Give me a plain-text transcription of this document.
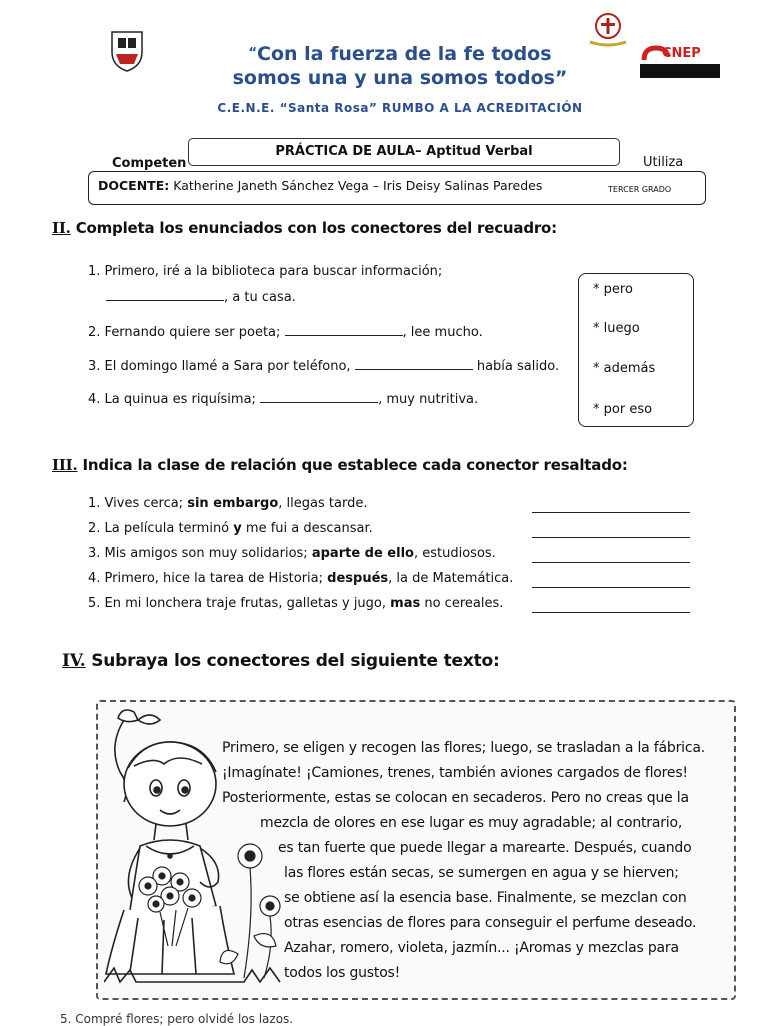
CNEP
“Con la fuerza de la fe todos
somos una y una somos todos”
C.E.N.E. “Santa Rosa” RUMBO A LA ACREDITACIÓN
Competen	Utiliza
PRÁCTICA DE AULA– Aptitud Verbal
DOCENTE: Katherine Janeth Sánchez Vega – Iris Deisy Salinas Paredes	TERCER GRADO
II. Completa los enunciados con los conectores del recuadro:
1. Primero, iré a la biblioteca para buscar información;
, a tu casa.
2. Fernando quiere ser poeta;	, lee mucho.
3. El domingo llamé a Sara por teléfono,	había salido.
4. La quinua es riquísima;	, muy nutritiva.
* pero
* luego
* además
* por eso
III. Indica la clase de relación que establece cada conector resaltado:
1. Vives cerca; sin embargo, llegas tarde.
2. La película terminó y me fui a descansar.
3. Mis amigos son muy solidarios; aparte de ello, estudiosos.
4. Primero, hice la tarea de Historia; después, la de Matemática.
5. En mi lonchera traje frutas, galletas y jugo, mas no cereales.
IV. Subraya los conectores del siguiente texto:
Primero, se eligen y recogen las flores; luego, se trasladan a la fábrica.
¡Imagínate! ¡Camiones, trenes, también aviones cargados de flores!
Posteriormente, estas se colocan en secaderos. Pero no creas que la
mezcla de olores en ese lugar es muy agradable; al contrario,
es tan fuerte que puede llegar a marearte. Después, cuando
las flores están secas, se sumergen en agua y se hierven;
se obtiene así la esencia base. Finalmente, se mezclan con
otras esencias de flores para conseguir el perfume deseado.
Azahar, romero, violeta, jazmín... ¡Aromas y mezclas para
todos los gustos!
5. Compré flores; pero olvidé los lazos.
